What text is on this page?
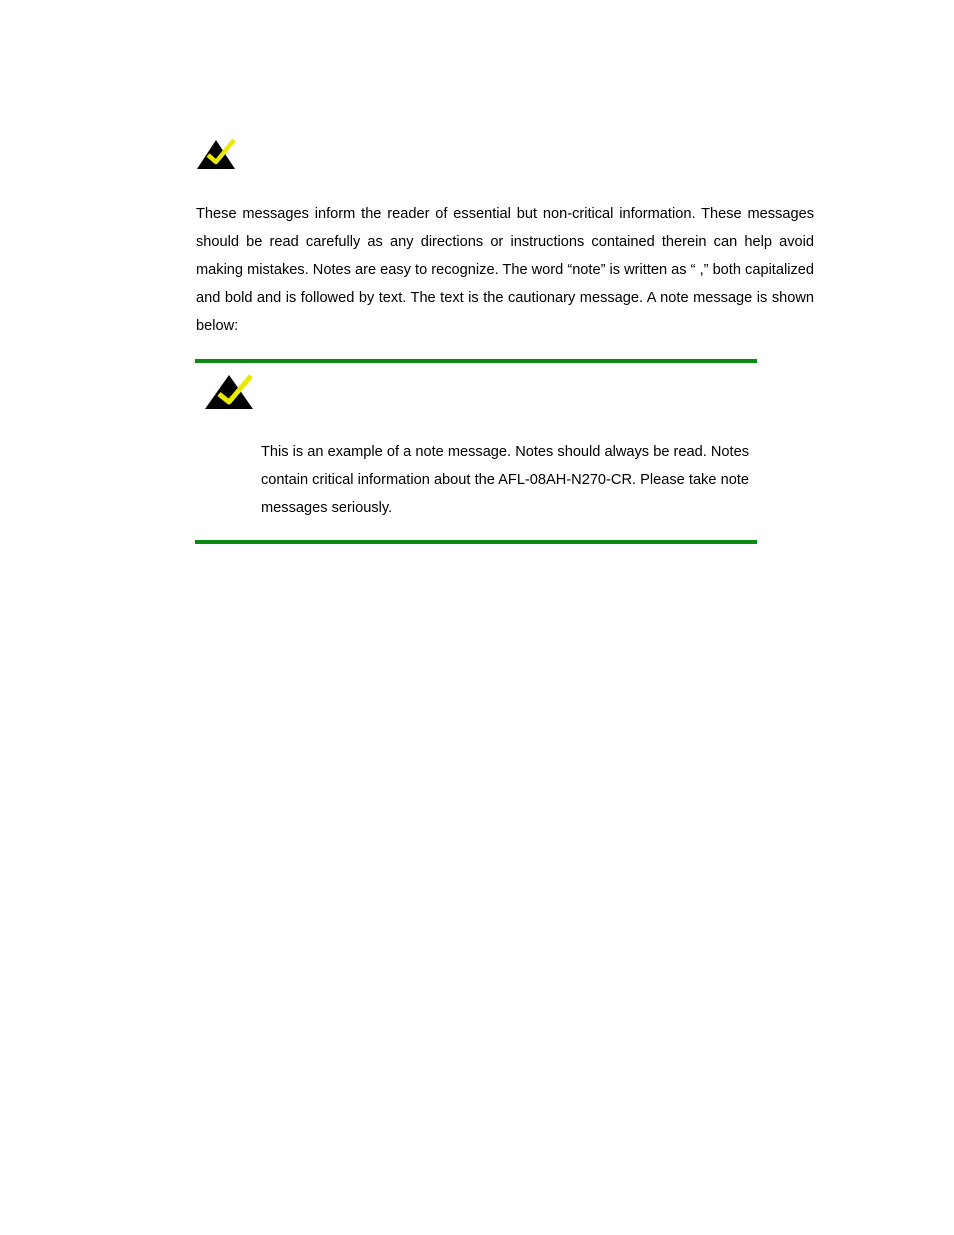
These messages inform the reader of essential but non-critical information. These messages should be read carefully as any directions or instructions contained therein can help avoid making mistakes. Notes are easy to recognize. The word “note” is written as “ ,” both capitalized and bold and is followed by text. The text is the cautionary message. A note message is shown below:

This is an example of a note message. Notes should always be read. Notes contain critical information about the AFL-08AH-N270-CR. Please take note messages seriously.
